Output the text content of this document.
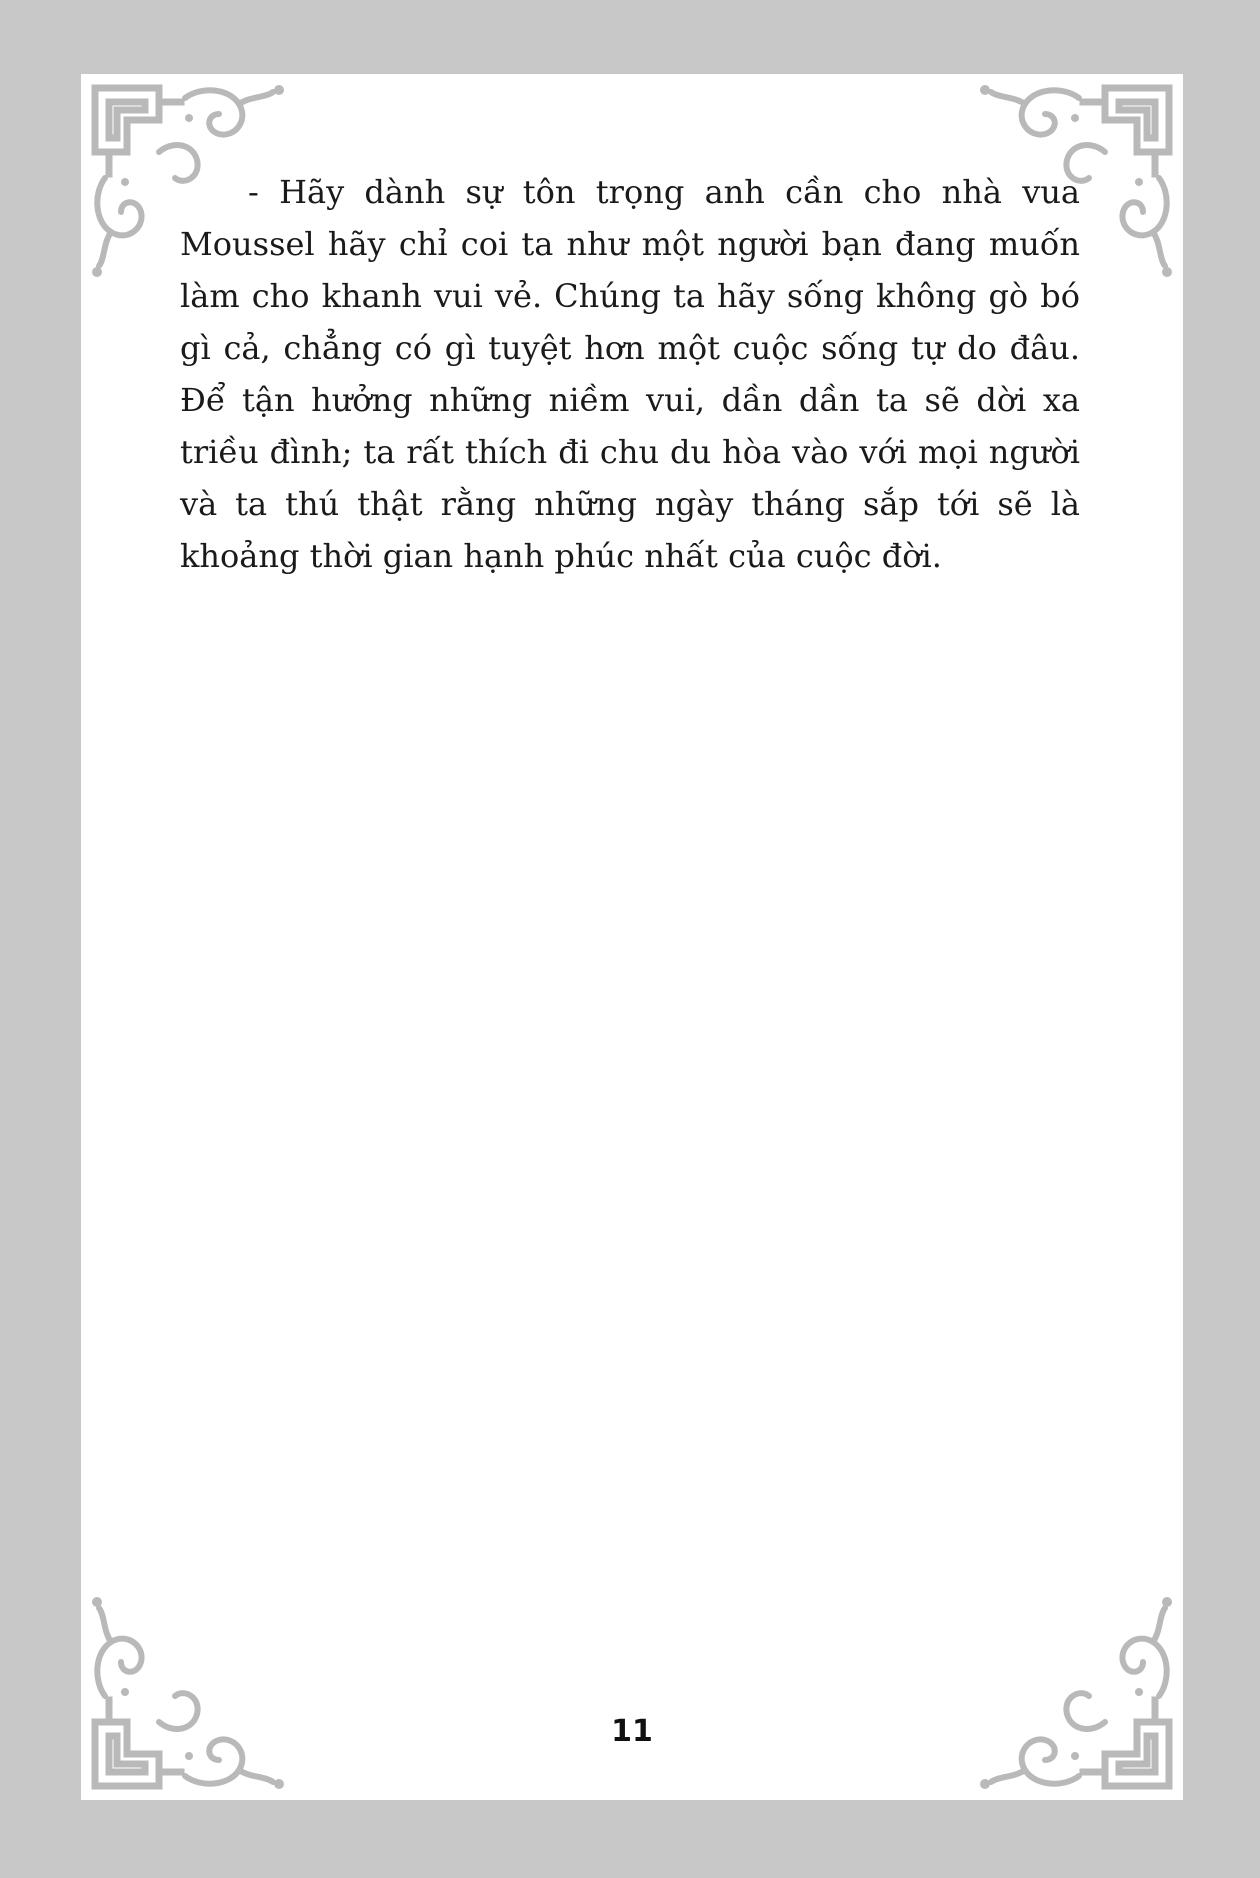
- Hãy dành sự tôn trọng anh cần cho nhà vua Moussel hãy chỉ coi ta như một người bạn đang muốn làm cho khanh vui vẻ. Chúng ta hãy sống không gò bó gì cả, chẳng có gì tuyệt hơn một cuộc sống tự do đâu. Để tận hưởng những niềm vui, dần dần ta sẽ dời xa triều đình; ta rất thích đi chu du hòa vào với mọi người và ta thú thật rằng những ngày tháng sắp tới sẽ là khoảng thời gian hạnh phúc nhất của cuộc đời.

11
